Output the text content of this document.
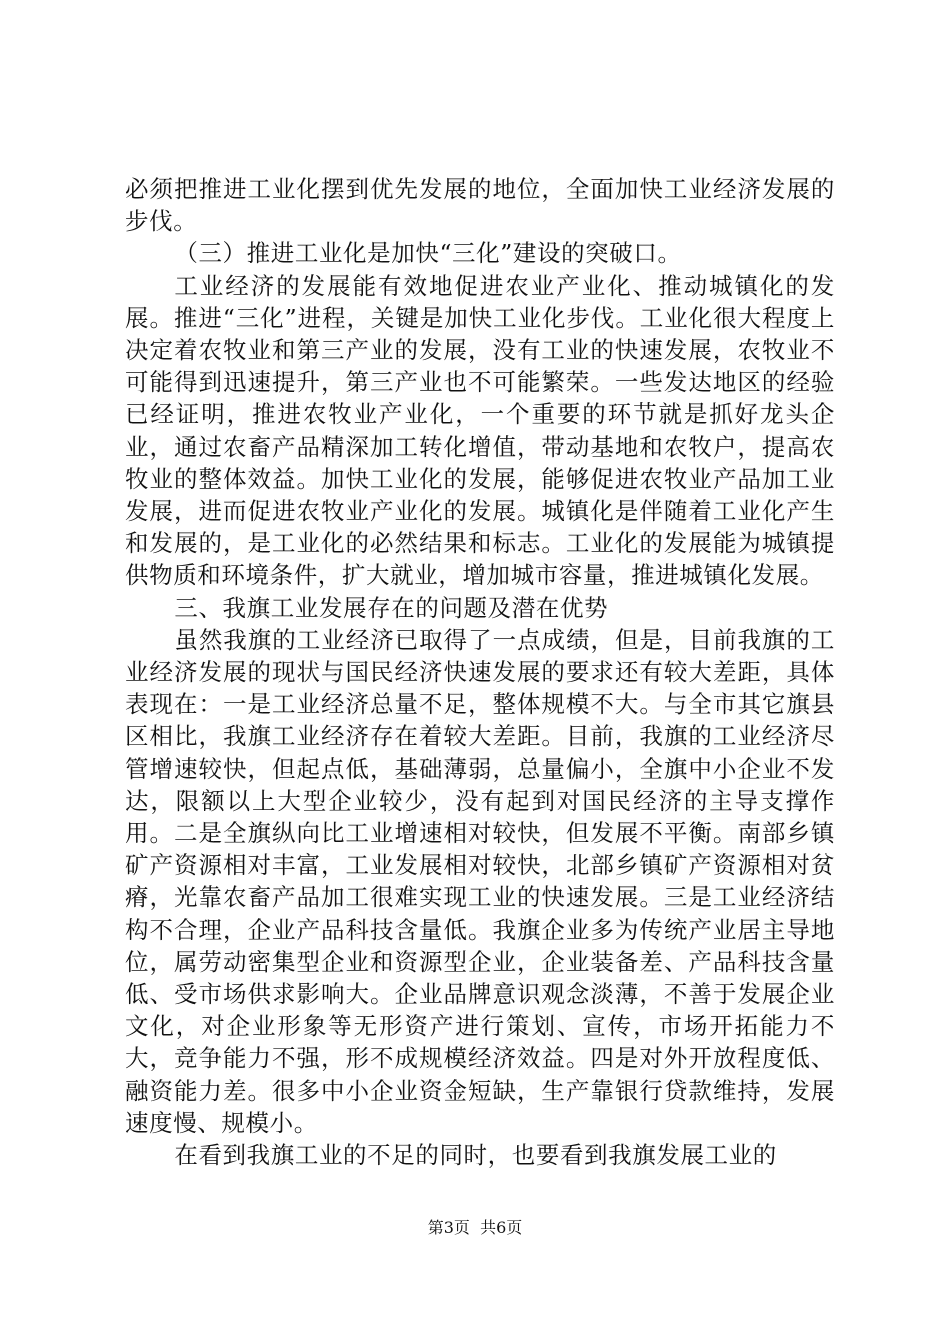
必须把推进工业化摆到优先发展的地位，全面加快工业经济发展的步伐。

（三）推进工业化是加快“三化”建设的突破口。

工业经济的发展能有效地促进农业产业化、推动城镇化的发展。推进“三化”进程，关键是加快工业化步伐。工业化很大程度上决定着农牧业和第三产业的发展，没有工业的快速发展，农牧业不可能得到迅速提升，第三产业也不可能繁荣。一些发达地区的经验已经证明，推进农牧业产业化，一个重要的环节就是抓好龙头企业，通过农畜产品精深加工转化增值，带动基地和农牧户，提高农牧业的整体效益。加快工业化的发展，能够促进农牧业产品加工业发展，进而促进农牧业产业化的发展。城镇化是伴随着工业化产生和发展的，是工业化的必然结果和标志。工业化的发展能为城镇提供物质和环境条件，扩大就业，增加城市容量，推进城镇化发展。

三、我旗工业发展存在的问题及潜在优势

虽然我旗的工业经济已取得了一点成绩，但是，目前我旗的工业经济发展的现状与国民经济快速发展的要求还有较大差距，具体表现在：一是工业经济总量不足，整体规模不大。与全市其它旗县区相比，我旗工业经济存在着较大差距。目前，我旗的工业经济尽管增速较快，但起点低，基础薄弱，总量偏小，全旗中小企业不发达，限额以上大型企业较少，没有起到对国民经济的主导支撑作用。二是全旗纵向比工业增速相对较快，但发展不平衡。南部乡镇矿产资源相对丰富，工业发展相对较快，北部乡镇矿产资源相对贫瘠，光靠农畜产品加工很难实现工业的快速发展。三是工业经济结构不合理，企业产品科技含量低。我旗企业多为传统产业居主导地位，属劳动密集型企业和资源型企业，企业装备差、产品科技含量低、受市场供求影响大。企业品牌意识观念淡薄，不善于发展企业文化，对企业形象等无形资产进行策划、宣传，市场开拓能力不大，竞争能力不强，形不成规模经济效益。四是对外开放程度低、融资能力差。很多中小企业资金短缺，生产靠银行贷款维持，发展速度慢、规模小。

在看到我旗工业的不足的同时，也要看到我旗发展工业的

第3页  共6页
